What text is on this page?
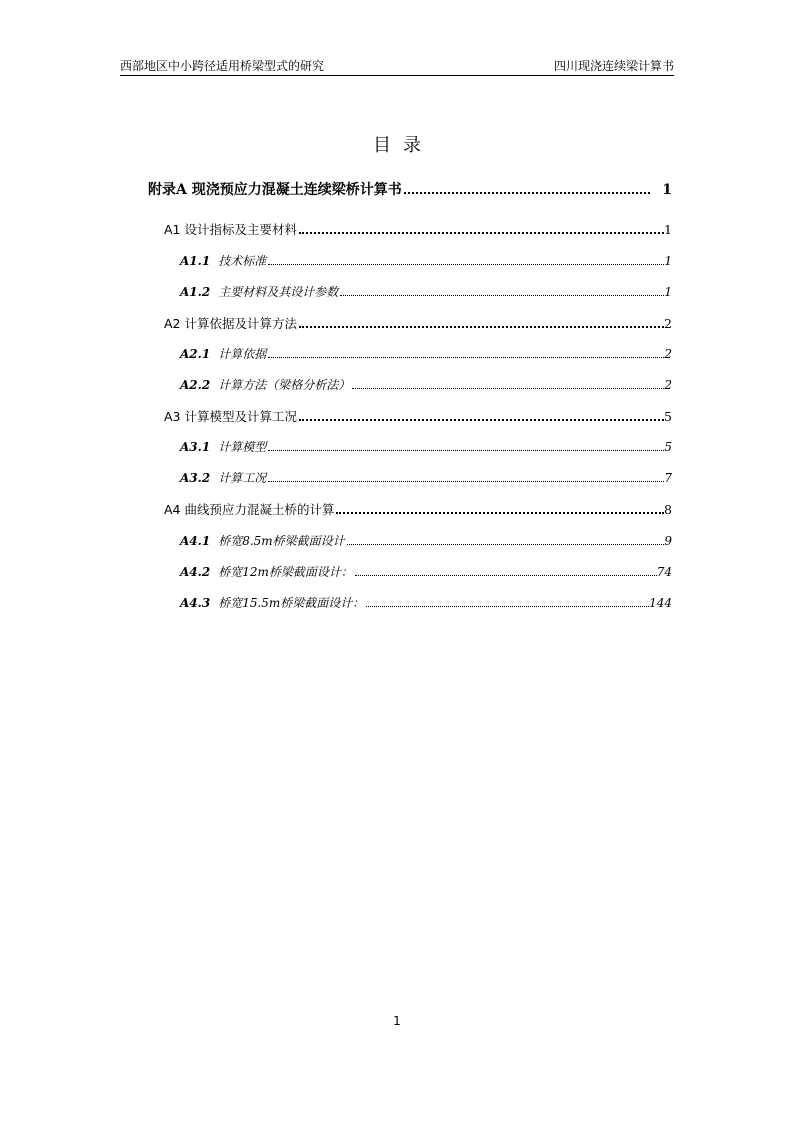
西部地区中小跨径适用桥梁型式的研究	四川现浇连续梁计算书
目录
附录A 现浇预应力混凝土连续梁桥计算书	1
A1 设计指标及主要材料	1
A1.1 技术标准	1
A1.2 主要材料及其设计参数	1
A2 计算依据及计算方法	2
A2.1 计算依据	2
A2.2 计算方法（梁格分析法）	2
A3 计算模型及计算工况	5
A3.1 计算模型	5
A3.2 计算工况	7
A4 曲线预应力混凝土桥的计算	8
A4.1 桥宽8.5m桥梁截面设计	9
A4.2 桥宽12m桥梁截面设计：	74
A4.3 桥宽15.5m桥梁截面设计：	144
1
